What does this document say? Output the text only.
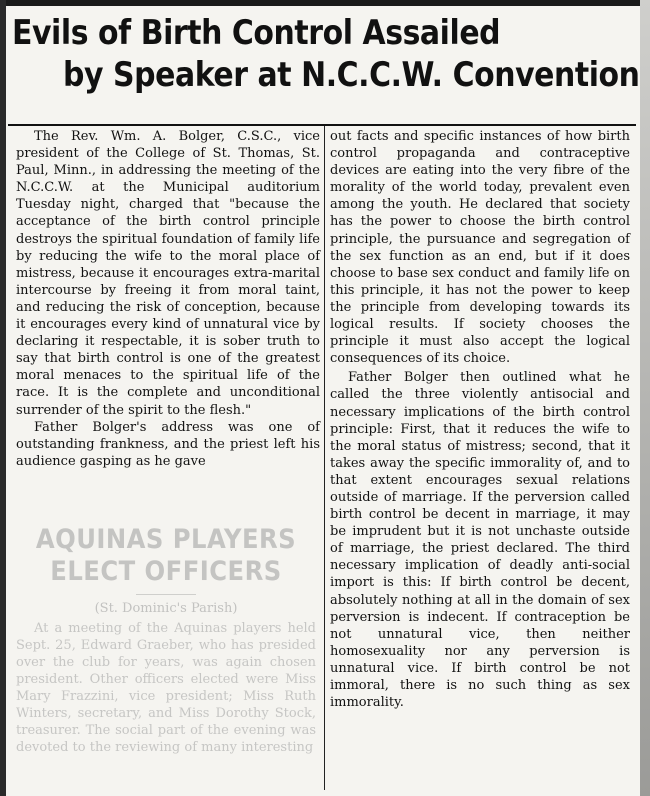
Evils of Birth Control Assailed
by Speaker at N.C.C.W. Convention

The Rev. Wm. A. Bolger, C.S.C., vice president of the College of St. Thomas, St. Paul, Minn., in addressing the meeting of the N.C.C.W. at the Municipal auditorium Tuesday night, charged that "because the acceptance of the birth control principle destroys the spiritual foundation of family life by reducing the wife to the moral place of mistress, because it encourages extra-marital intercourse by freeing it from moral taint, and reducing the risk of conception, because it encourages every kind of unnatural vice by declaring it respectable, it is sober truth to say that birth control is one of the greatest moral menaces to the spiritual life of the race. It is the complete and unconditional surrender of the spirit to the flesh."

Father Bolger's address was one of outstanding frankness, and the priest left his audience gasping as he gave

out facts and specific instances of how birth control propaganda and contraceptive devices are eating into the very fibre of the morality of the world today, prevalent even among the youth. He declared that society has the power to choose the birth control principle, the pursuance and segregation of the sex function as an end, but if it does choose to base sex conduct and family life on this principle, it has not the power to keep the principle from developing towards its logical results. If society chooses the principle it must also accept the logical consequences of its choice.

Father Bolger then outlined what he called the three violently antisocial and necessary implications of the birth control principle: First, that it reduces the wife to the moral status of mistress; second, that it takes away the specific immorality of, and to that extent encourages sexual relations outside of marriage. If the perversion called birth control be decent in marriage, it may be imprudent but it is not unchaste outside of marriage, the priest declared. The third necessary implication of deadly anti-social import is this: If birth control be decent, absolutely nothing at all in the domain of sex perversion is indecent. If contraception be not unnatural vice, then neither homosexuality nor any perversion is unnatural vice. If birth control be not immoral, there is no such thing as sex immorality.

AQUINAS PLAYERS
ELECT OFFICERS
(St. Dominic's Parish)

At a meeting of the Aquinas players held Sept. 25, Edward Graeber, who has presided over the club for years, was again chosen president. Other officers elected were Miss Mary Frazzini, vice president; Miss Ruth Winters, secretary, and Miss Dorothy Stock, treasurer. The social part of the evening was devoted to the reviewing of many interesting
